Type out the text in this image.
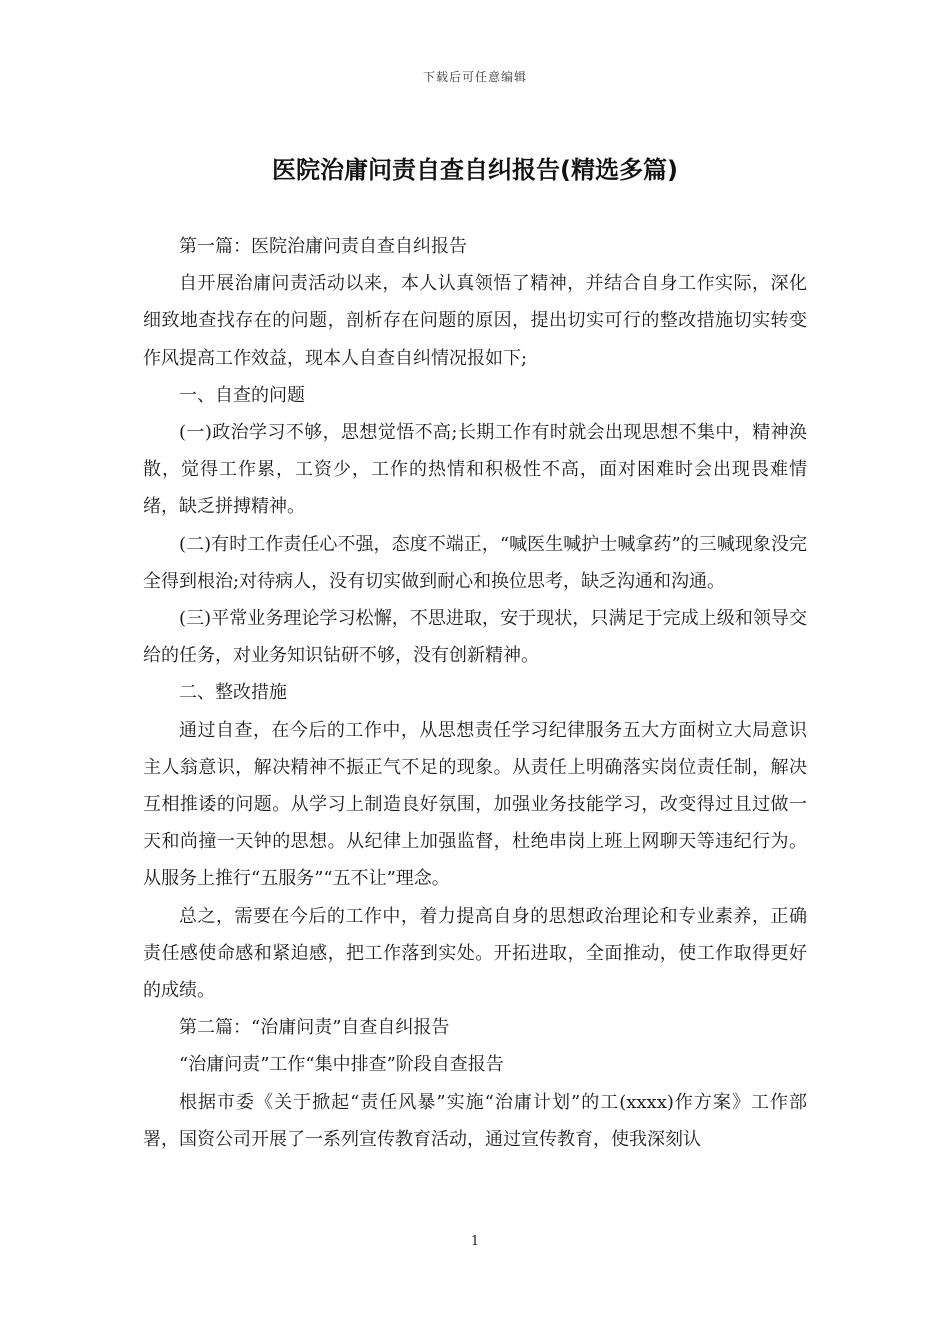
下载后可任意编辑
医院治庸问责自查自纠报告(精选多篇)

第一篇：医院治庸问责自查自纠报告

自开展治庸问责活动以来，本人认真领悟了精神，并结合自身工作实际，深化细致地查找存在的问题，剖析存在问题的原因，提出切实可行的整改措施切实转变作风提高工作效益，现本人自查自纠情况报如下;

一、自查的问题

(一)政治学习不够，思想觉悟不高;长期工作有时就会出现思想不集中，精神涣散，觉得工作累，工资少，工作的热情和积极性不高，面对困难时会出现畏难情绪，缺乏拼搏精神。

(二)有时工作责任心不强，态度不端正，“喊医生喊护士喊拿药”的三喊现象没完全得到根治;对待病人，没有切实做到耐心和换位思考，缺乏沟通和沟通。

(三)平常业务理论学习松懈，不思进取，安于现状，只满足于完成上级和领导交给的任务，对业务知识钻研不够，没有创新精神。

二、整改措施

通过自查，在今后的工作中，从思想责任学习纪律服务五大方面树立大局意识主人翁意识，解决精神不振正气不足的现象。从责任上明确落实岗位责任制，解决互相推诿的问题。从学习上制造良好氛围，加强业务技能学习，改变得过且过做一天和尚撞一天钟的思想。从纪律上加强监督，杜绝串岗上班上网聊天等违纪行为。从服务上推行“五服务”“五不让”理念。

总之，需要在今后的工作中，着力提高自身的思想政治理论和专业素养，正确责任感使命感和紧迫感，把工作落到实处。开拓进取，全面推动，使工作取得更好的成绩。

第二篇：“治庸问责”自查自纠报告

“治庸问责”工作“集中排查”阶段自查报告

根据市委《关于掀起“责任风暴”实施“治庸计划”的工(xxxx)作方案》工作部署，国资公司开展了一系列宣传教育活动，通过宣传教育，使我深刻认

1
